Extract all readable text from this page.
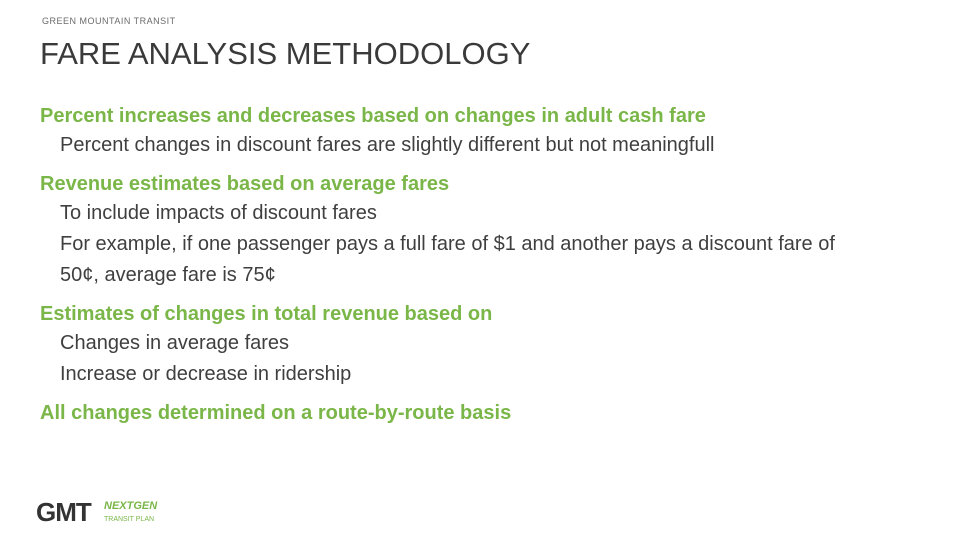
GREEN MOUNTAIN TRANSIT
FARE ANALYSIS METHODOLOGY
Percent increases and decreases based on changes in adult cash fare
Percent changes in discount fares are slightly different but not meaningfull
Revenue estimates based on average fares
To include impacts of discount fares
For example, if one passenger pays a full fare of $1 and another pays a discount fare of 50¢, average fare is 75¢
Estimates of changes in total revenue based on
Changes in average fares
Increase or decrease in ridership
All changes determined on a route-by-route basis
GMT NEXTGEN
TRANSIT PLAN
